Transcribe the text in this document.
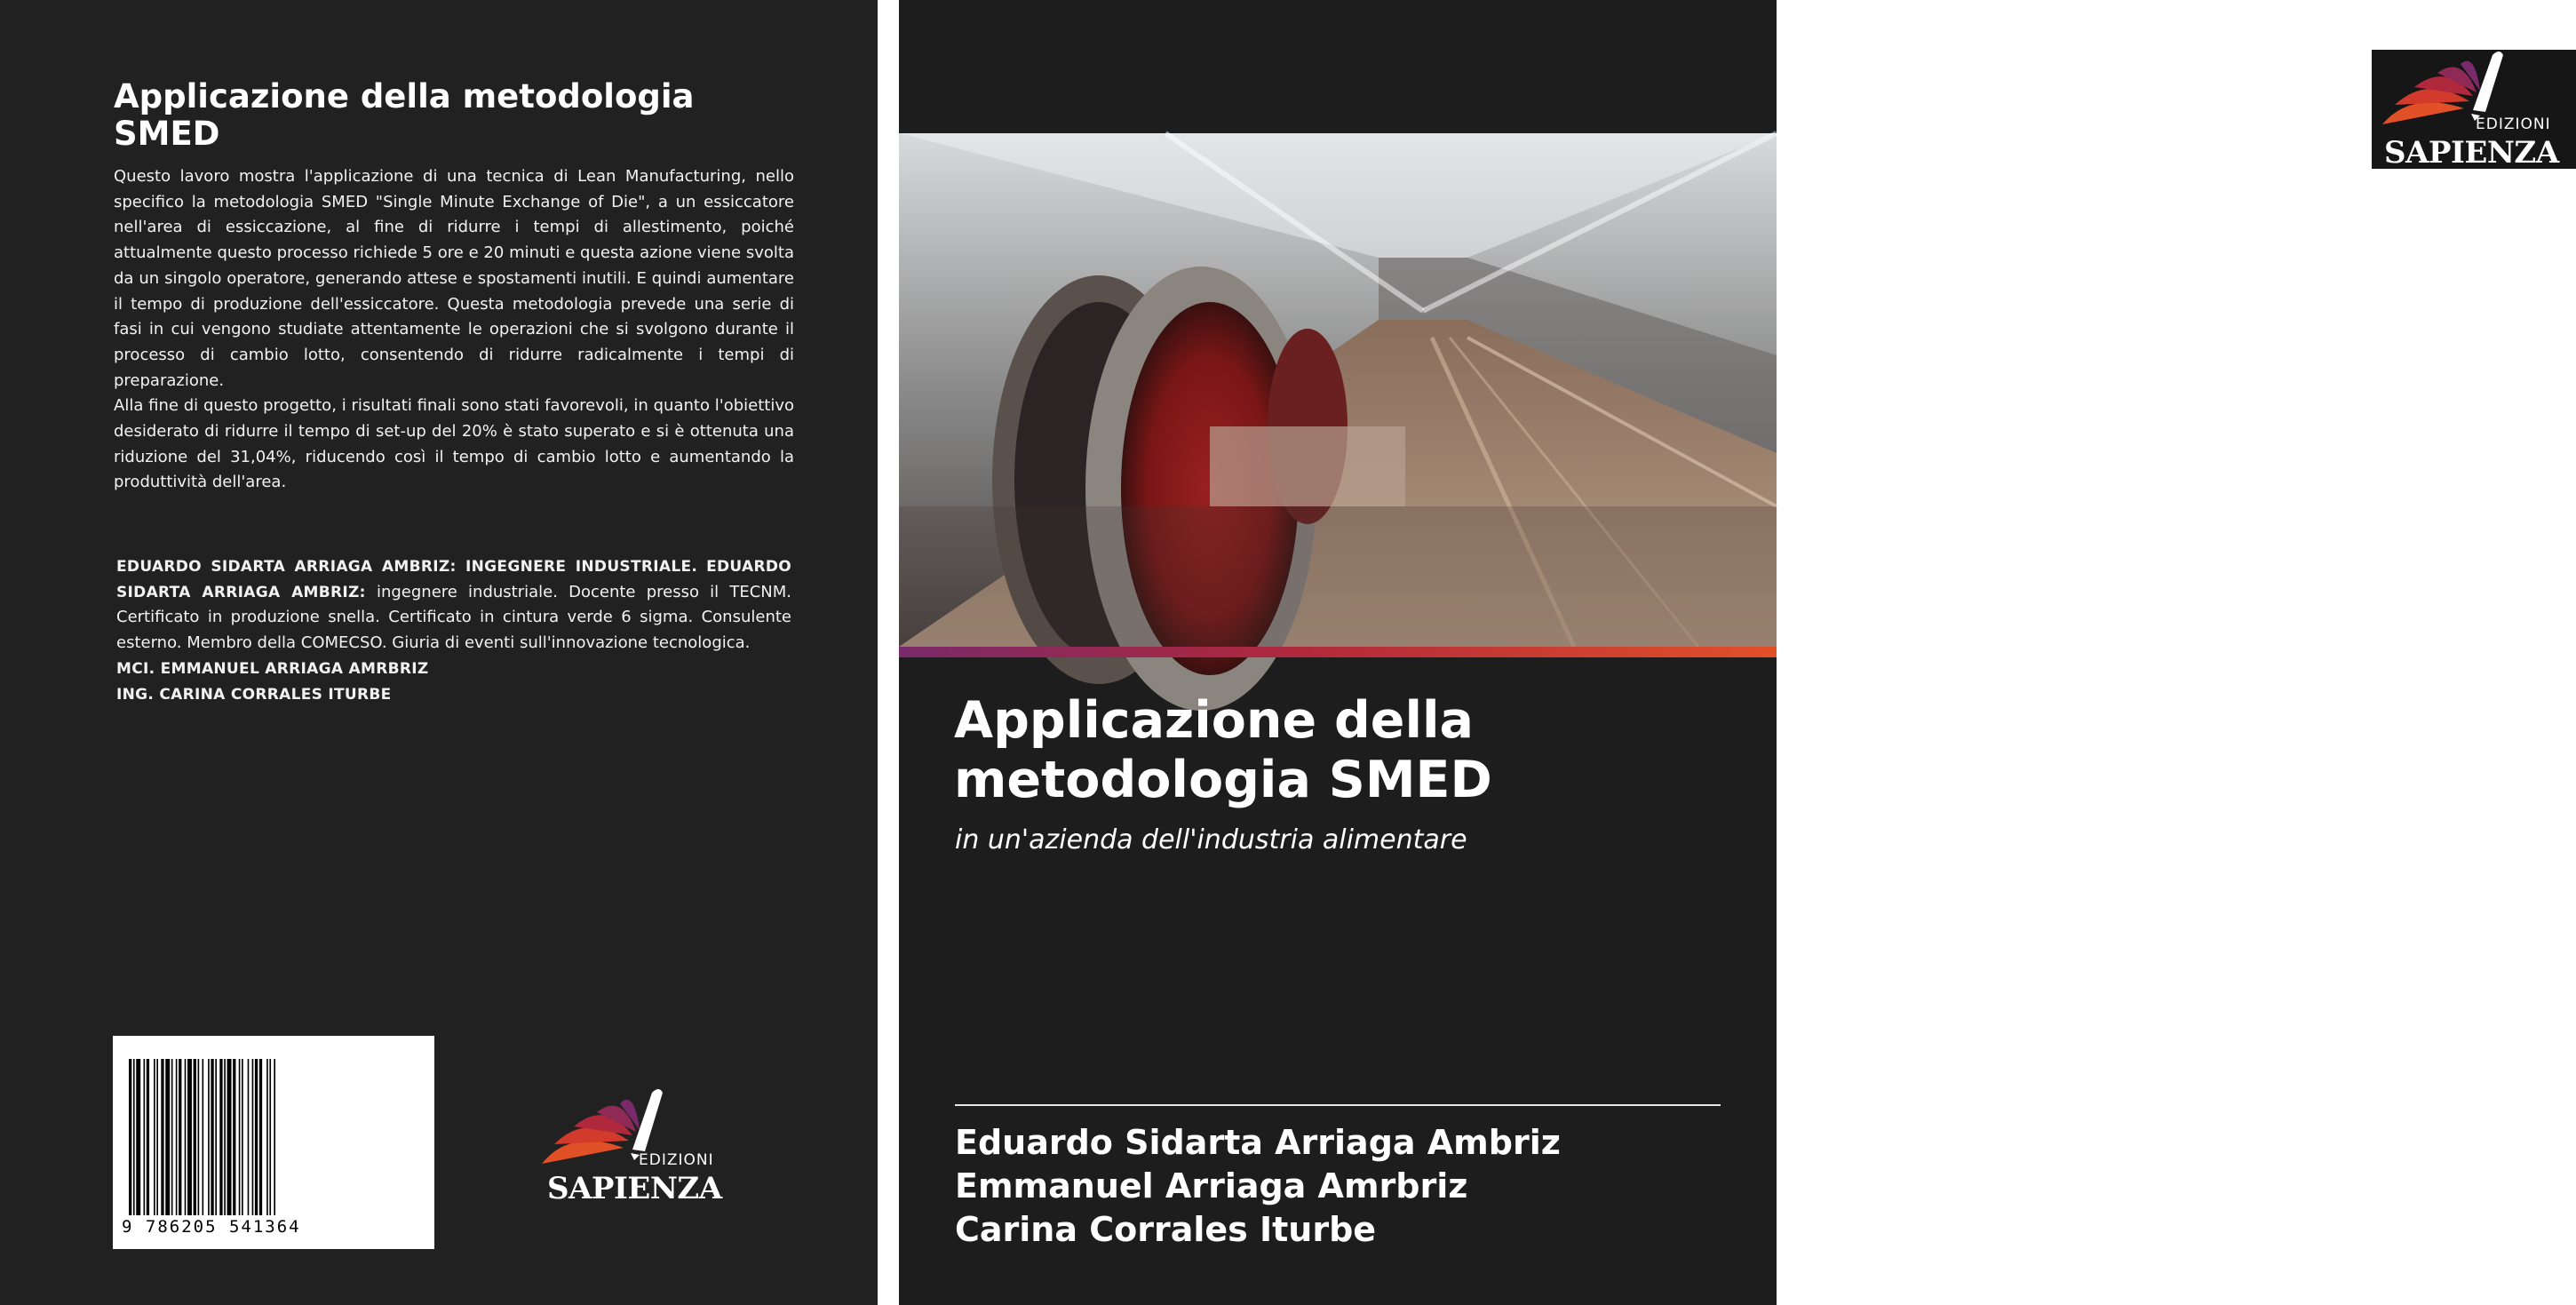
Applicazione della metodologia SMED

Questo lavoro mostra l'applicazione di una tecnica di Lean Manufacturing, nello specifico la metodologia SMED "Single Minute Exchange of Die", a un essiccatore nell'area di essiccazione, al fine di ridurre i tempi di allestimento, poiché attualmente questo processo richiede 5 ore e 20 minuti e questa azione viene svolta da un singolo operatore, generando attese e spostamenti inutili. E quindi aumentare il tempo di produzione dell'essiccatore. Questa metodologia prevede una serie di fasi in cui vengono studiate attentamente le operazioni che si svolgono durante il processo di cambio lotto, consentendo di ridurre radicalmente i tempi di preparazione.

Alla fine di questo progetto, i risultati finali sono stati favorevoli, in quanto l'obiettivo desiderato di ridurre il tempo di set-up del 20% è stato superato e si è ottenuta una riduzione del 31,04%, riducendo così il tempo di cambio lotto e aumentando la produttività dell'area.

EDUARDO SIDARTA ARRIAGA AMBRIZ: INGEGNERE INDUSTRIALE. EDUARDO SIDARTA ARRIAGA AMBRIZ: ingegnere industriale. Docente presso il TECNM. Certificato in produzione snella. Certificato in cintura verde 6 sigma. Consulente esterno. Membro della COMECSO. Giuria di eventi sull'innovazione tecnologica.

MCI. EMMANUEL ARRIAGA AMRBRIZ

ING. CARINA CORRALES ITURBE

9 786205 541364
EDIZIONI
SAPIENZA
EDIZIONI
SAPIENZA
Applicazione della metodologia SMED
in un'azienda dell'industria alimentare
Eduardo Sidarta Arriaga Ambriz
Emmanuel Arriaga Amrbriz
Carina Corrales Iturbe
